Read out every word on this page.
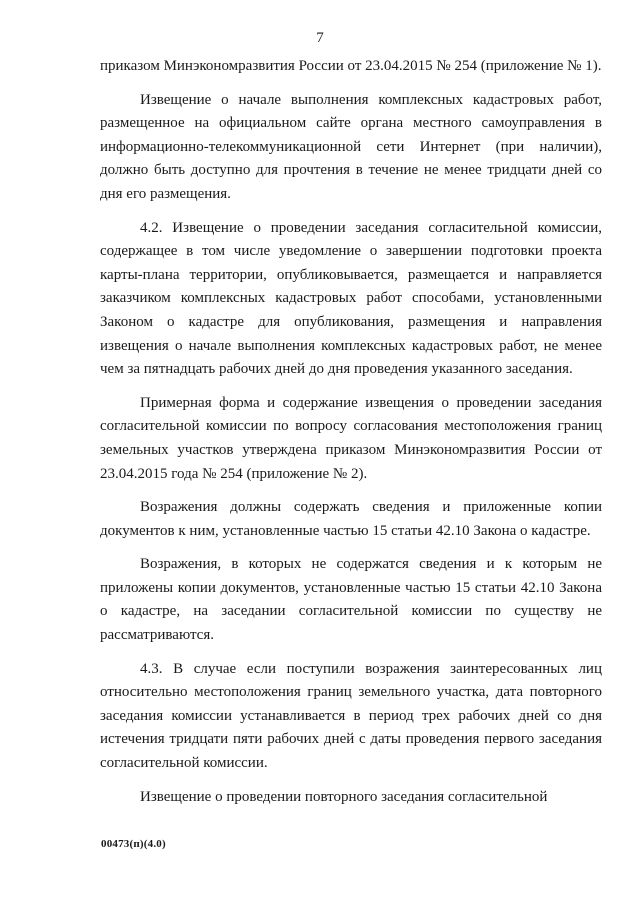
7

приказом Минэкономразвития России от 23.04.2015 № 254 (приложение № 1).

Извещение о начале выполнения комплексных кадастровых работ, размещенное на официальном сайте органа местного самоуправления в информационно-телекоммуникационной сети Интернет (при наличии), должно быть доступно для прочтения в течение не менее тридцати дней со дня его размещения.

4.2. Извещение о проведении заседания согласительной комиссии, содержащее в том числе уведомление о завершении подготовки проекта карты-плана территории, опубликовывается, размещается и направляется заказчиком комплексных кадастровых работ способами, установленными Законом о кадастре для опубликования, размещения и направления извещения о начале выполнения комплексных кадастровых работ, не менее чем за пятнадцать рабочих дней до дня проведения указанного заседания.

Примерная форма и содержание извещения о проведении заседания согласительной комиссии по вопросу согласования местоположения границ земельных участков утверждена приказом Минэкономразвития России от 23.04.2015 года № 254 (приложение № 2).

Возражения должны содержать сведения и приложенные копии документов к ним, установленные частью 15 статьи 42.10 Закона о кадастре.

Возражения, в которых не содержатся сведения и к которым не приложены копии документов, установленные частью 15 статьи 42.10 Закона о кадастре, на заседании согласительной комиссии по существу не рассматриваются.

4.3. В случае если поступили возражения заинтересованных лиц относительно местоположения границ земельного участка, дата повторного заседания комиссии устанавливается в период трех рабочих дней со дня истечения тридцати пяти рабочих дней с даты проведения первого заседания согласительной комиссии.

Извещение о проведении повторного заседания согласительной

00473(п)(4.0)
